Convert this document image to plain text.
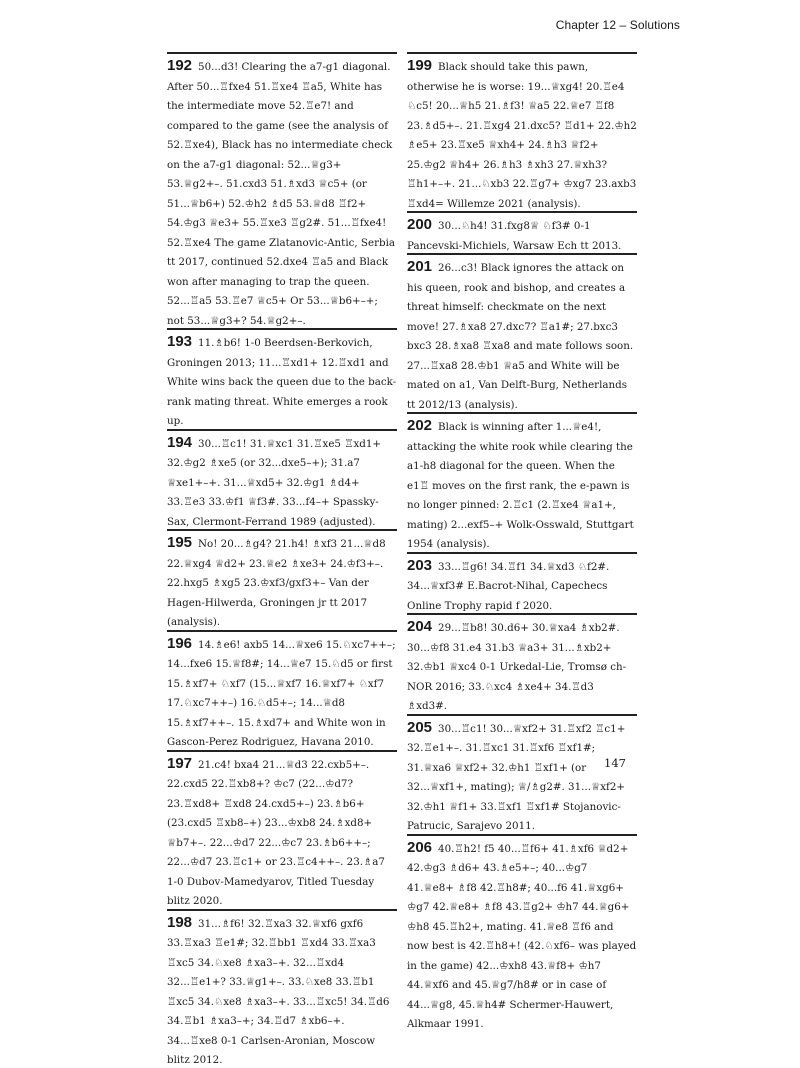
Chapter 12 – Solutions
192 50...d3! Clearing the a7-g1 diagonal. After 50...♖fxe4 51.♖xe4 ♖a5, White has the intermediate move 52.♖e7! and compared to the game (see the analysis of 52.♖xe4), Black has no intermediate check on the a7-g1 diagonal: 52...♕g3+ 53.♕g2+–. 51.cxd3 51.♗xd3 ♕c5+ (or 51...♕b6+) 52.♔h2 ♗d5 53.♕d8 ♖f2+ 54.♔g3 ♕e3+ 55.♖xe3 ♖g2#. 51...♖fxe4! 52.♖xe4 The game Zlatanovic-Antic, Serbia tt 2017, continued 52.dxe4 ♖a5 and Black won after managing to trap the queen. 52...♖a5 53.♖e7 ♕c5+ Or 53...♕b6+–+; not 53...♕g3+? 54.♕g2+–.
193 11.♗b6! 1-0 Beerdsen-Berkovich, Groningen 2013; 11...♖xd1+ 12.♖xd1 and White wins back the queen due to the back-rank mating threat. White emerges a rook up.
194 30...♖c1! 31.♕xc1 31.♖xe5 ♖xd1+ 32.♔g2 ♗xe5 (or 32...dxe5–+); 31.a7 ♕xe1+–+. 31...♕xd5+ 32.♔g1 ♗d4+ 33.♖e3 33.♔f1 ♕f3#. 33...f4–+ Spassky-Sax, Clermont-Ferrand 1989 (adjusted).
195 No! 20...♗g4? 21.h4! ♗xf3 21...♕d8 22.♕xg4 ♕d2+ 23.♕e2 ♗xe3+ 24.♔f3+–. 22.hxg5 ♗xg5 23.♔xf3/gxf3+– Van der Hagen-Hilwerda, Groningen jr tt 2017 (analysis).
196 14.♗e6! axb5 14...♕xe6 15.♘xc7++–; 14...fxe6 15.♕f8#; 14...♕e7 15.♘d5 or first 15.♗xf7+ ♘xf7 (15...♕xf7 16.♕xf7+ ♘xf7 17.♘xc7++–) 16.♘d5+–; 14...♕d8 15.♗xf7++–. 15.♗xd7+ and White won in Gascon-Perez Rodriguez, Havana 2010.
197 21.c4! bxa4 21...♕d3 22.cxb5+–. 22.cxd5 22.♖xb8+? ♔c7 (22...♔d7? 23.♖xd8+ ♖xd8 24.cxd5+–) 23.♗b6+ (23.cxd5 ♖xb8–+) 23...♔xb8 24.♗xd8+ ♕b7+–. 22...♔d7 22...♔c7 23.♗b6++–; 22...♔d7 23.♖c1+ or 23.♖c4++–. 23.♗a7 1-0 Dubov-Mamedyarov, Titled Tuesday blitz 2020.
198 31...♗f6! 32.♖xa3 32.♕xf6 gxf6 33.♖xa3 ♖e1#; 32.♖bb1 ♖xd4 33.♖xa3 ♖xc5 34.♘xe8 ♗xa3–+. 32...♖xd4 32...♖e1+? 33.♕g1+–. 33.♘xe8 33.♖b1 ♖xc5 34.♘xe8 ♗xa3–+. 33...♖xc5! 34.♖d6 34.♖b1 ♗xa3–+; 34.♖d7 ♗xb6–+. 34...♖xe8 0-1 Carlsen-Aronian, Moscow blitz 2012.
199 Black should take this pawn, otherwise he is worse: 19...♕xg4! 20.♖e4 ♘c5! 20...♕h5 21.♗f3! ♕a5 22.♕e7 ♖f8 23.♗d5+–. 21.♖xg4 21.dxc5? ♖d1+ 22.♔h2 ♗e5+ 23.♖xe5 ♕xh4+ 24.♗h3 ♕f2+ 25.♔g2 ♕h4+ 26.♗h3 ♗xh3 27.♕xh3? ♖h1+–+. 21...♘xb3 22.♖g7+ ♔xg7 23.axb3 ♖xd4= Willemze 2021 (analysis).
200 30...♘h4! 31.fxg8♕ ♘f3# 0-1 Pancevski-Michiels, Warsaw Ech tt 2013.
201 26...c3! Black ignores the attack on his queen, rook and bishop, and creates a threat himself: checkmate on the next move! 27.♗xa8 27.dxc7? ♖a1#; 27.bxc3 bxc3 28.♗xa8 ♖xa8 and mate follows soon. 27...♖xa8 28.♔b1 ♕a5 and White will be mated on a1, Van Delft-Burg, Netherlands tt 2012/13 (analysis).
202 Black is winning after 1...♕e4!, attacking the white rook while clearing the a1-h8 diagonal for the queen. When the e1♖ moves on the first rank, the e-pawn is no longer pinned: 2.♖c1 (2.♖xe4 ♕a1+, mating) 2...exf5–+ Wolk-Osswald, Stuttgart 1954 (analysis).
203 33...♖g6! 34.♖f1 34.♕xd3 ♘f2#. 34...♕xf3# E.Bacrot-Nihal, Capechecs Online Trophy rapid f 2020.
204 29...♖b8! 30.d6+ 30.♕xa4 ♗xb2#. 30...♔f8 31.e4 31.b3 ♕a3+ 31...♗xb2+ 32.♔b1 ♕xc4 0-1 Urkedal-Lie, Tromsø ch-NOR 2016; 33.♘xc4 ♗xe4+ 34.♖d3 ♗xd3#.
205 30...♖c1! 30...♕xf2+ 31.♖xf2 ♖c1+ 32.♖e1+–. 31.♖xc1 31.♖xf6 ♖xf1#; 31.♕xa6 ♕xf2+ 32.♔h1 ♖xf1+ (or 32...♕xf1+, mating); ♕/♗g2#. 31...♕xf2+ 32.♔h1 ♕f1+ 33.♖xf1 ♖xf1# Stojanovic-Patrucic, Sarajevo 2011.
206 40.♖h2! f5 40...♖f6+ 41.♗xf6 ♕d2+ 42.♔g3 ♗d6+ 43.♗e5+–; 40...♔g7 41.♕e8+ ♗f8 42.♖h8#; 40...f6 41.♕xg6+ ♔g7 42.♕e8+ ♗f8 43.♖g2+ ♔h7 44.♕g6+ ♔h8 45.♖h2+, mating. 41.♕e8 ♖f6 and now best is 42.♖h8+! (42.♘xf6– was played in the game) 42...♔xh8 43.♕f8+ ♔h7 44.♕xf6 and 45.♕g7/h8# or in case of 44...♕g8, 45.♕h4# Schermer-Hauwert, Alkmaar 1991.
147
